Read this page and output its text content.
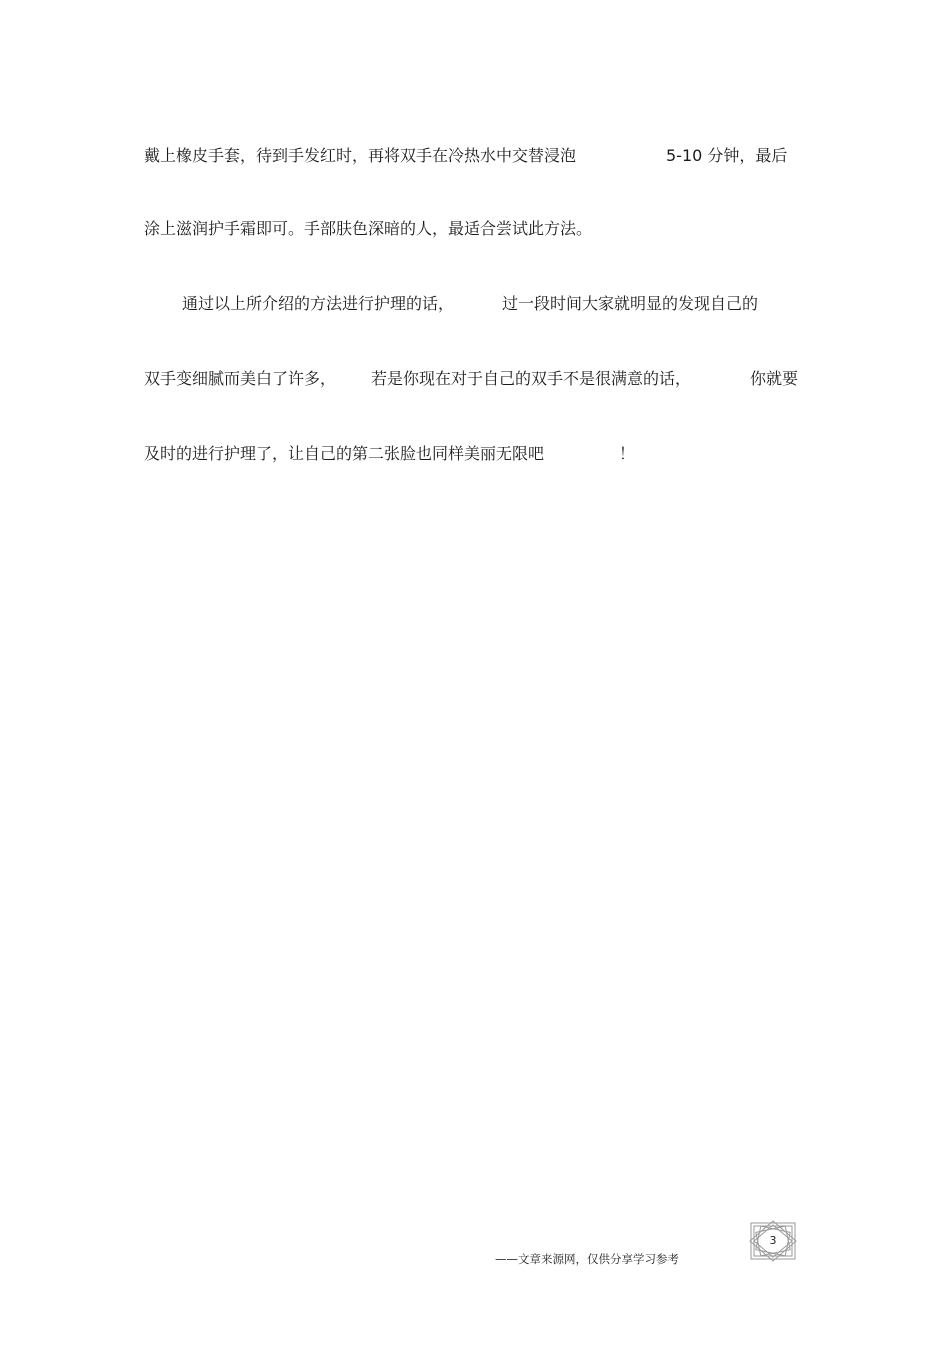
戴上橡皮手套，待到手发红时，再将双手在冷热水中交替浸泡	5-10 分钟，最后
涂上滋润护手霜即可。手部肤色深暗的人，最适合尝试此方法。
通过以上所介绍的方法进行护理的话，	过一段时间大家就明显的发现自己的
双手变细腻而美白了许多， 若是你现在对于自己的双手不是很满意的话，	你就要
及时的进行护理了，让自己的第二张脸也同样美丽无限吧	！
——文章来源网，仅供分享学习参考
3
